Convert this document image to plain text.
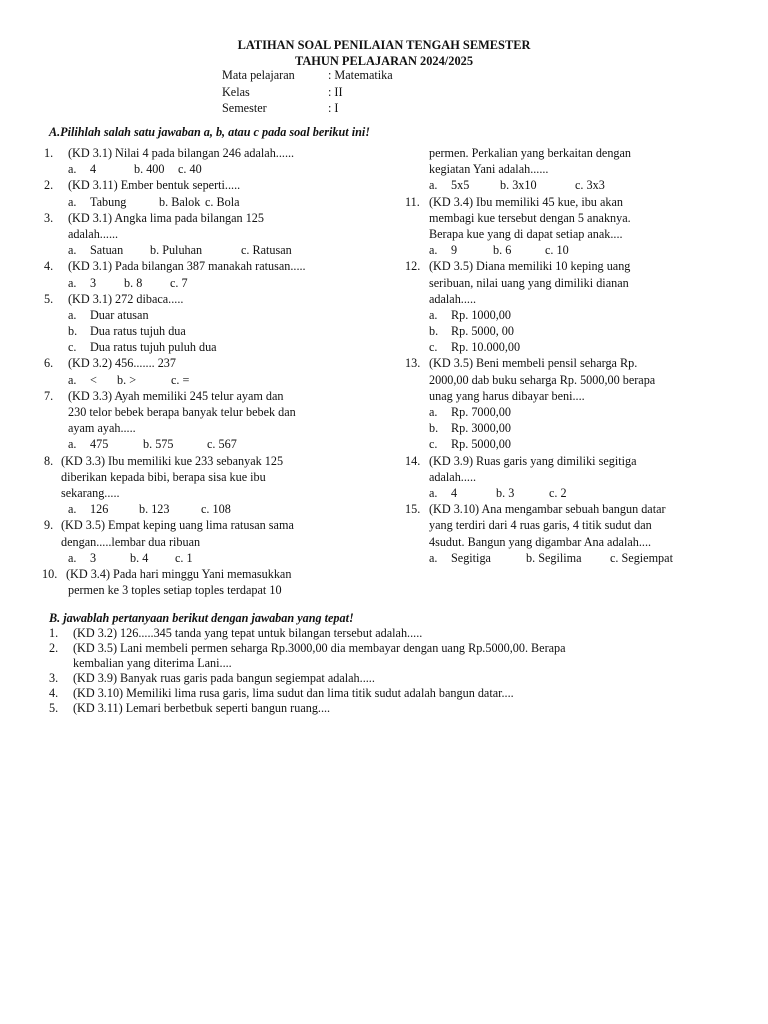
LATIHAN SOAL PENILAIAN TENGAH SEMESTER
TAHUN PELAJARAN 2024/2025
Mata pelajaran	: Matematika
Kelas	: II
Semester	: I
A.Pilihlah salah satu jawaban a, b, atau c pada soal berikut ini!
1. (KD 3.1) Nilai 4 pada bilangan 246 adalah......
a. 4	b. 400 c. 40
2. (KD 3.11) Ember bentuk seperti.....
a. Tabung	b. Balok c. Bola
3. (KD 3.1) Angka lima pada bilangan 125
adalah......
a. Satuan b. Puluhan	c. Ratusan
4. (KD 3.1) Pada bilangan 387 manakah ratusan.....
a. 3 b. 8 c. 7
5. (KD 3.1) 272 dibaca.....
a. Duar atusan
b. Dua ratus tujuh dua
c. Dua ratus tujuh puluh dua
6. (KD 3.2) 456....... 237
a. < b. >	c. =
7. (KD 3.3) Ayah memiliki 245 telur ayam dan
230 telor bebek berapa banyak telur bebek dan
ayam ayah.....
a. 475	b. 575	c. 567
8. (KD 3.3) Ibu memiliki kue 233 sebanyak 125
diberikan kepada bibi, berapa sisa kue ibu
sekarang.....
a. 126	b. 123	c. 108
9. (KD 3.5) Empat keping uang lima ratusan sama
dengan.....lembar dua ribuan
a. 3	b. 4 c. 1
10. (KD 3.4) Pada hari minggu Yani memasukkan
permen ke 3 toples setiap toples terdapat 10
permen. Perkalian yang berkaitan dengan
kegiatan Yani adalah......
a. 5x5	b. 3x10	c. 3x3
11. (KD 3.4) Ibu memiliki 45 kue, ibu akan
membagi kue tersebut dengan 5 anaknya.
Berapa kue yang di dapat setiap anak....
a. 9	b. 6	c. 10
12. (KD 3.5) Diana memiliki 10 keping uang
seribuan, nilai uang yang dimiliki dianan
adalah.....
a. Rp. 1000,00
b. Rp. 5000, 00
c. Rp. 10.000,00
13. (KD 3.5) Beni membeli pensil seharga Rp.
2000,00 dab buku seharga Rp. 5000,00 berapa
unag yang harus dibayar beni....
a. Rp. 7000,00
b. Rp. 3000,00
c. Rp. 5000,00
14. (KD 3.9) Ruas garis yang dimiliki segitiga
adalah.....
a. 4	b. 3	c. 2
15. (KD 3.10) Ana mengambar sebuah bangun datar
yang terdiri dari 4 ruas garis, 4 titik sudut dan
4sudut. Bangun yang digambar Ana adalah....
a. Segitiga	b. Segilima c. Segiempat
B. jawablah pertanyaan berikut dengan jawaban yang tepat!
1. (KD 3.2) 126.....345 tanda yang tepat untuk bilangan tersebut adalah.....
2. (KD 3.5) Lani membeli permen seharga Rp.3000,00 dia membayar dengan uang Rp.5000,00. Berapa
kembalian yang diterima Lani....
3. (KD 3.9) Banyak ruas garis pada bangun segiempat adalah.....
4. (KD 3.10) Memiliki lima rusa garis, lima sudut dan lima titik sudut adalah bangun datar....
5. (KD 3.11) Lemari berbetbuk seperti bangun ruang....
